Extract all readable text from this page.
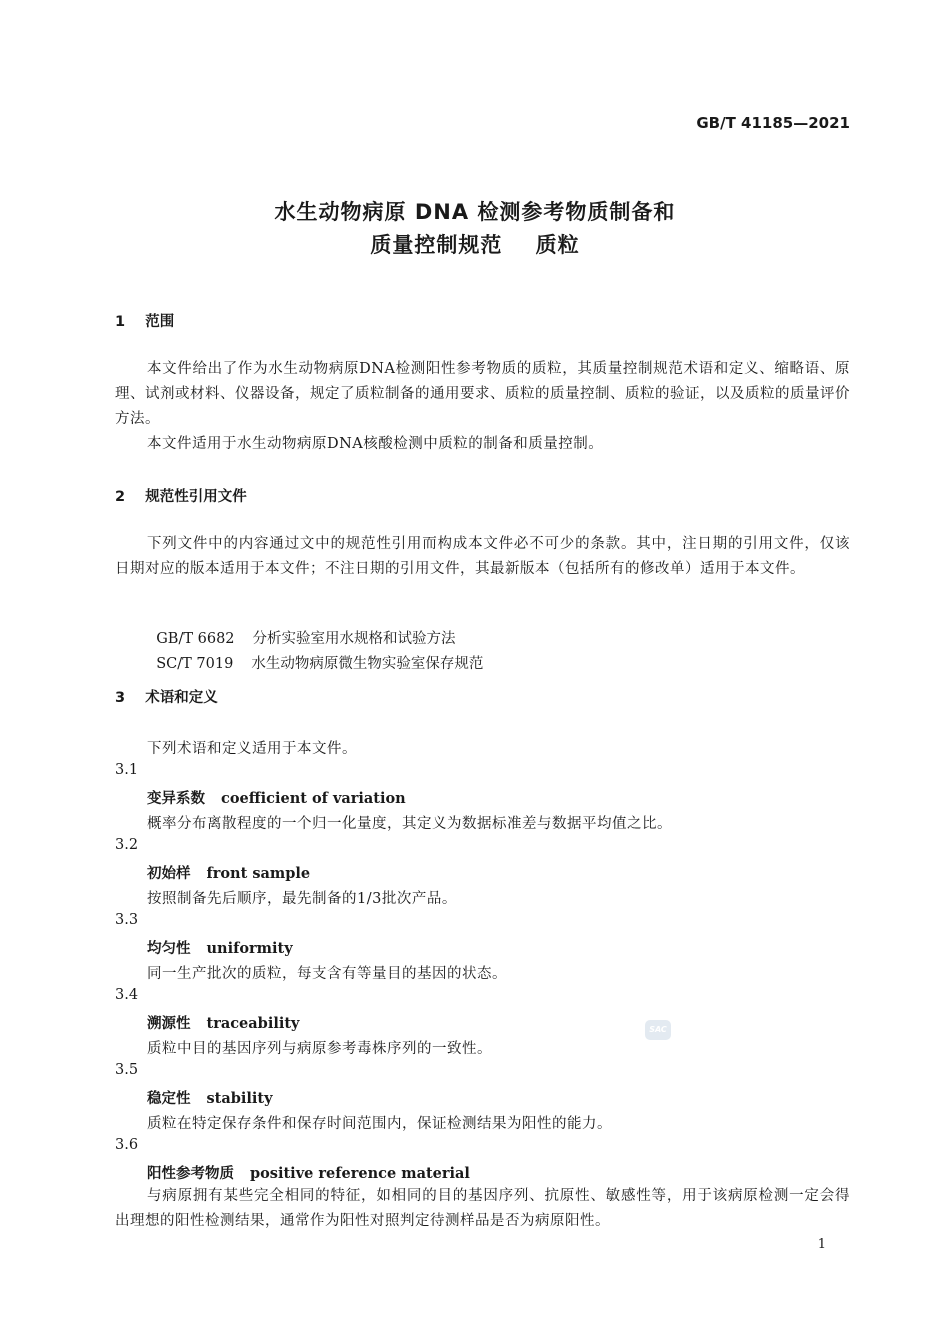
GB/T 41185—2021
水生动物病原 DNA 检测参考物质制备和
质量控制规范    质粒
1    范围
本文件给出了作为水生动物病原DNA检测阳性参考物质的质粒，其质量控制规范术语和定义、缩略语、原理、试剂或材料、仪器设备，规定了质粒制备的通用要求、质粒的质量控制、质粒的验证，以及质粒的质量评价方法。
本文件适用于水生动物病原DNA核酸检测中质粒的制备和质量控制。
2    规范性引用文件
下列文件中的内容通过文中的规范性引用而构成本文件必不可少的条款。其中，注日期的引用文件，仅该日期对应的版本适用于本文件；不注日期的引用文件，其最新版本（包括所有的修改单）适用于本文件。

GB/T 6682 分析实验室用水规格和试验方法

SC/T 7019 水生动物病原微生物实验室保存规范

3    术语和定义
下列术语和定义适用于本文件。
3.1
变异系数 coefficient of variation
概率分布离散程度的一个归一化量度，其定义为数据标准差与数据平均值之比。
3.2
初始样 front sample
按照制备先后顺序，最先制备的1/3批次产品。
3.3
均匀性 uniformity
同一生产批次的质粒，每支含有等量目的基因的状态。
3.4
溯源性 traceability
质粒中目的基因序列与病原参考毒株序列的一致性。
3.5
稳定性 stability
质粒在特定保存条件和保存时间范围内，保证检测结果为阳性的能力。
3.6
阳性参考物质 positive reference material
与病原拥有某些完全相同的特征，如相同的目的基因序列、抗原性、敏感性等，用于该病原检测一定会得出理想的阳性检测结果，通常作为阳性对照判定待测样品是否为病原阳性。
SAC
1
